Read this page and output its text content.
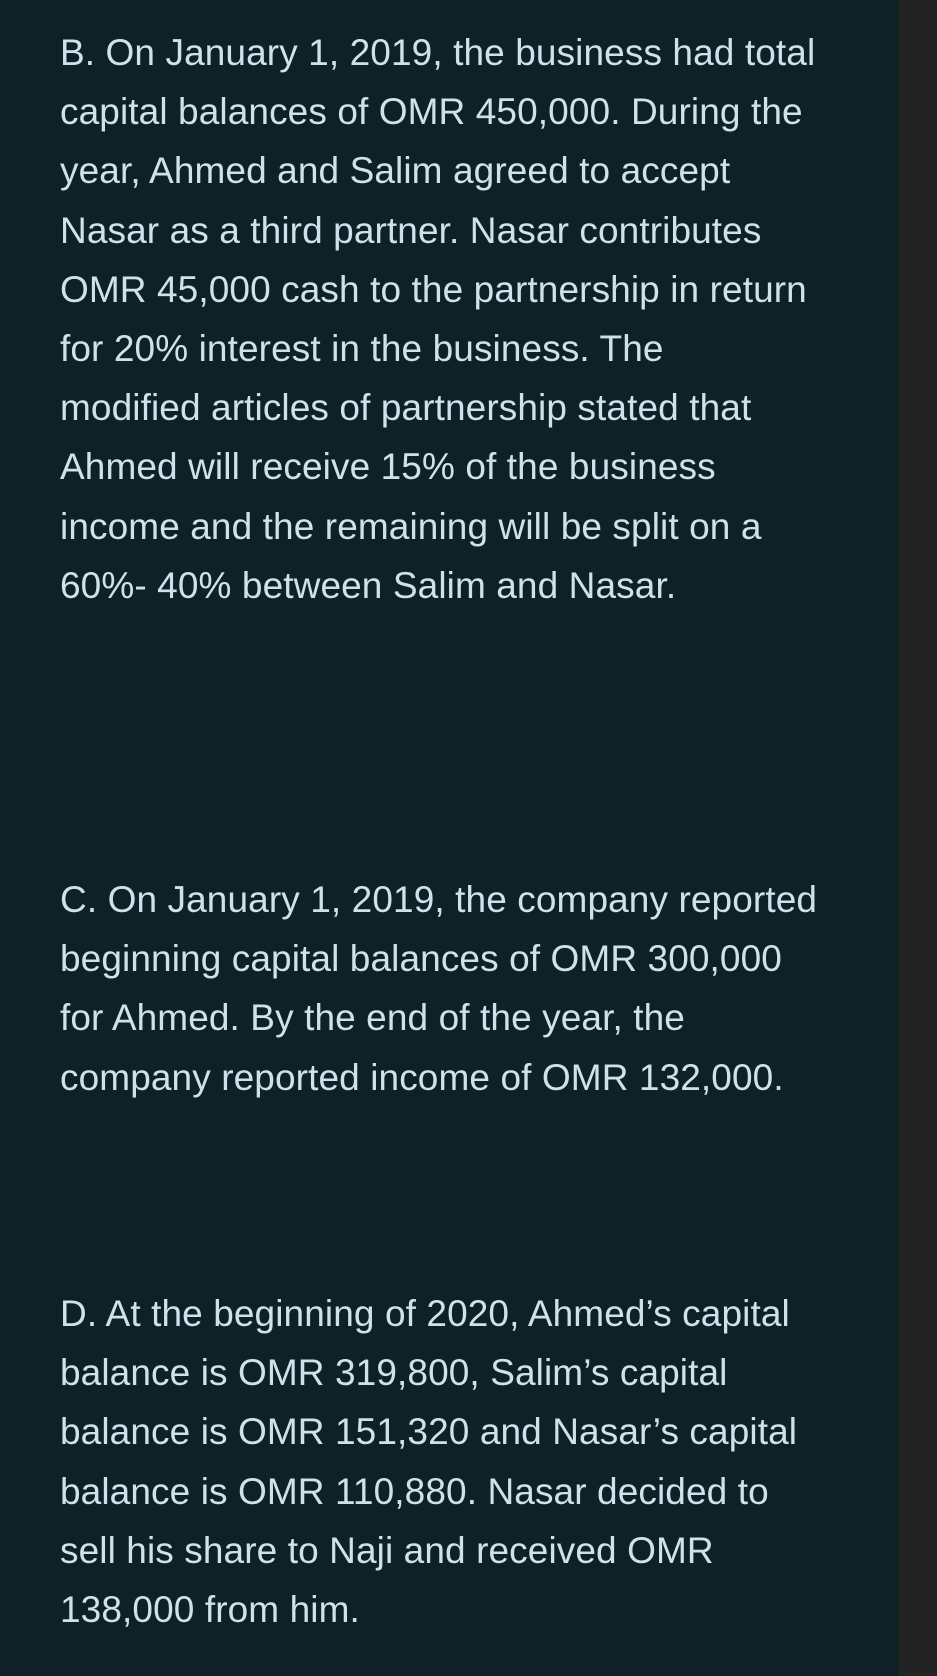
B. On January 1, 2019, the business had total
capital balances of OMR 450,000. During the
year, Ahmed and Salim agreed to accept
Nasar as a third partner. Nasar contributes
OMR 45,000 cash to the partnership in return
for 20% interest in the business. The
modified articles of partnership stated that
Ahmed will receive 15% of the business
income and the remaining will be split on a
60%- 40% between Salim and Nasar.

C. On January 1, 2019, the company reported
beginning capital balances of OMR 300,000
for Ahmed. By the end of the year, the
company reported income of OMR 132,000.

D. At the beginning of 2020, Ahmed’s capital
balance is OMR 319,800, Salim’s capital
balance is OMR 151,320 and Nasar’s capital
balance is OMR 110,880. Nasar decided to
sell his share to Naji and received OMR
138,000 from him.
